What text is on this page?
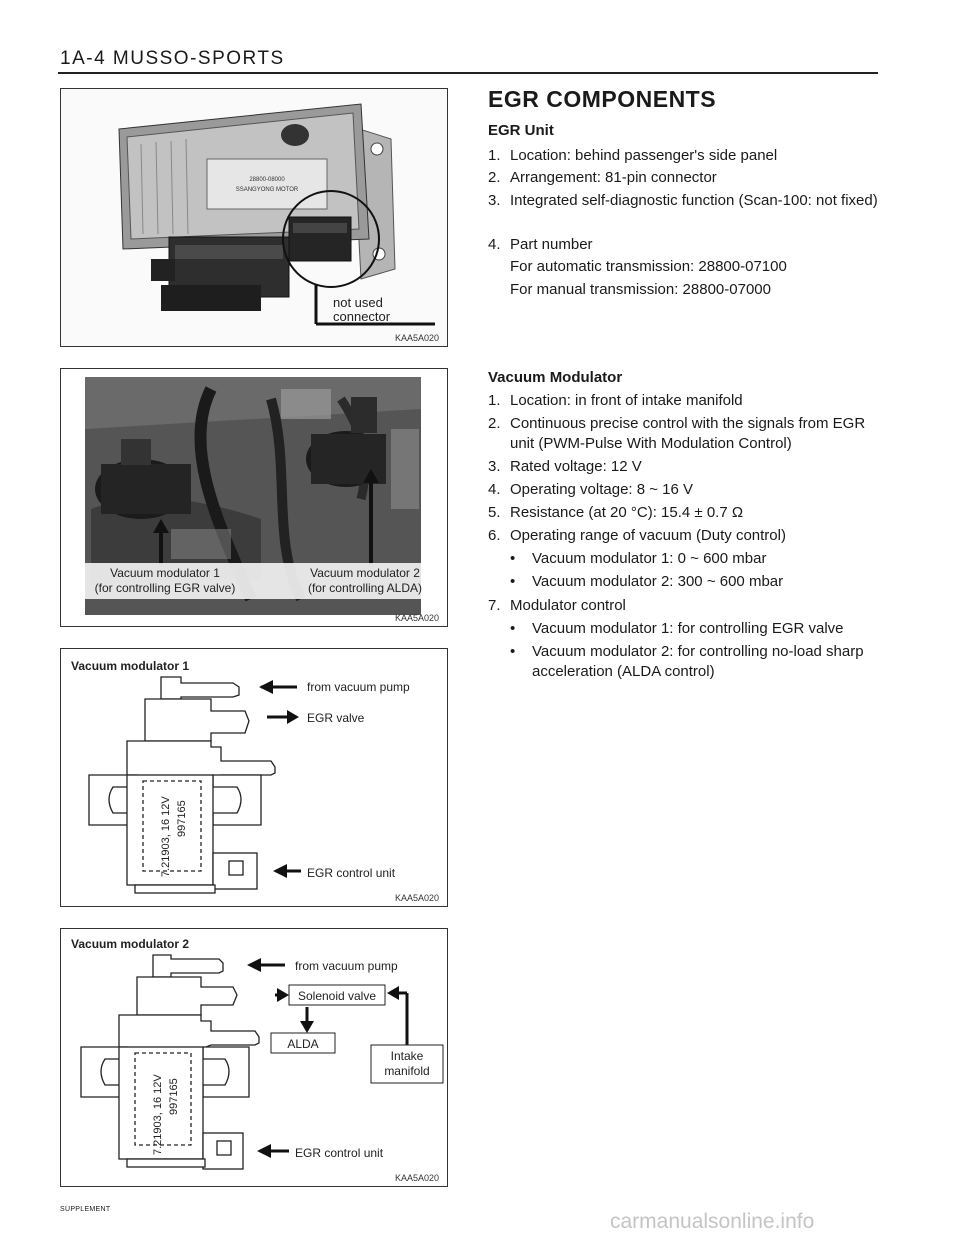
1A-4 MUSSO-SPORTS
28800-08000
SSANGYONG MOTOR
not used
connector
KAA5A020
Vacuum modulator 1
(for controlling EGR valve)
Vacuum modulator 2
(for controlling ALDA)
KAA5A020
Vacuum modulator 1
7.21903, 16 12V 997165
from vacuum pump
EGR valve
EGR control unit
KAA5A020
Vacuum modulator 2
7.21903, 16 12V 997165
from vacuum pump
Solenoid valve
ALDA
Intake
manifold
EGR control unit
KAA5A020
EGR COMPONENTS
EGR Unit
1. Location: behind passenger's side panel
2. Arrangement: 81-pin connector
3. Integrated self-diagnostic function (Scan-100: not fixed)
4. Part number
For automatic transmission: 28800-07100
For manual transmission: 28800-07000
Vacuum Modulator
1. Location: in front of intake manifold
2. Continuous precise control with the signals from EGR unit (PWM-Pulse With Modulation Control)
3. Rated voltage: 12 V
4. Operating voltage: 8 ~ 16 V
5. Resistance (at 20 °C): 15.4 ± 0.7 Ω
6. Operating range of vacuum (Duty control)
• Vacuum modulator 1: 0 ~ 600 mbar
• Vacuum modulator 2: 300 ~ 600 mbar
7. Modulator control
• Vacuum modulator 1: for controlling EGR valve
• Vacuum modulator 2: for controlling no-load sharp acceleration (ALDA control)
SUPPLEMENT
carmanualsonline.info
